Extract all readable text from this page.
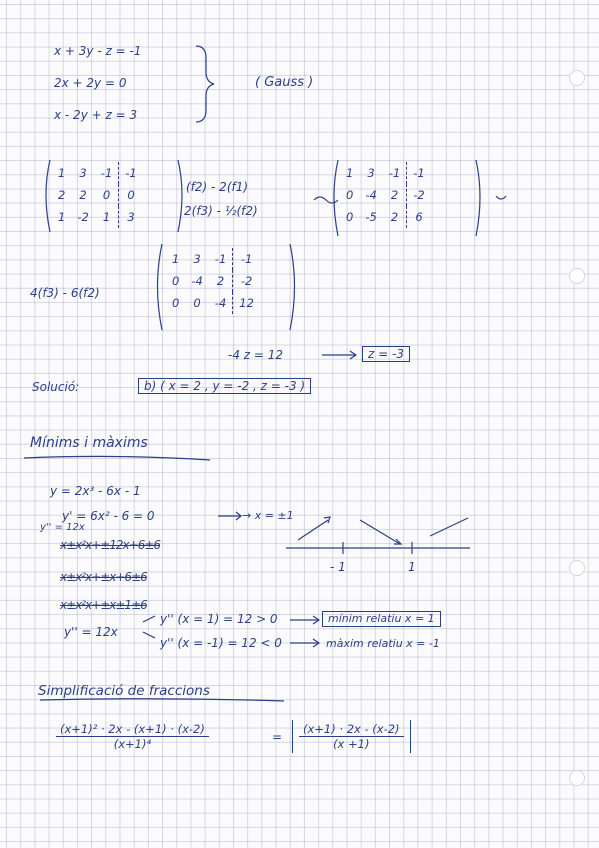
x + 3y - z = -1
2x + 2y = 0
x - 2y + z = 3
( Gauss )
1	3	-1	-1
2	2	0	0
1	-2	1	3
(f2) - 2(f1)
2(f3) - ½(f2)
1	3	-1	-1
0	-4	2	-2
0	-5	2	6
4(f3) - 6(f2)
1	3	-1	-1
0	-4	2	-2
0	0	-4	12
-4 z = 12	z = -3
Solució:	b) ( x = 2 , y = -2 , z = -3 )
Mínims i màxims
y = 2x³ - 6x - 1
y' = 6x² - 6 = 0	→ x = ±1
y'' = 12x
x±x²x+±12x+6±6
x±x²x+±x+6±6
x±x²x+±x±1±6
- 1	1
y'' = 12x
y'' (x = 1) = 12 > 0
y'' (x = -1) = 12 < 0
mínim relatiu x = 1
màxim relatiu x = -1
Simplificació de fraccions
$\frac{\text{(x+1)² · 2x - (x+1) · (x-2)}}{\text{(x+1)⁴}}$	= $\frac{(x+1) \cdot 2x - (x-2)}{(x +1)}$
